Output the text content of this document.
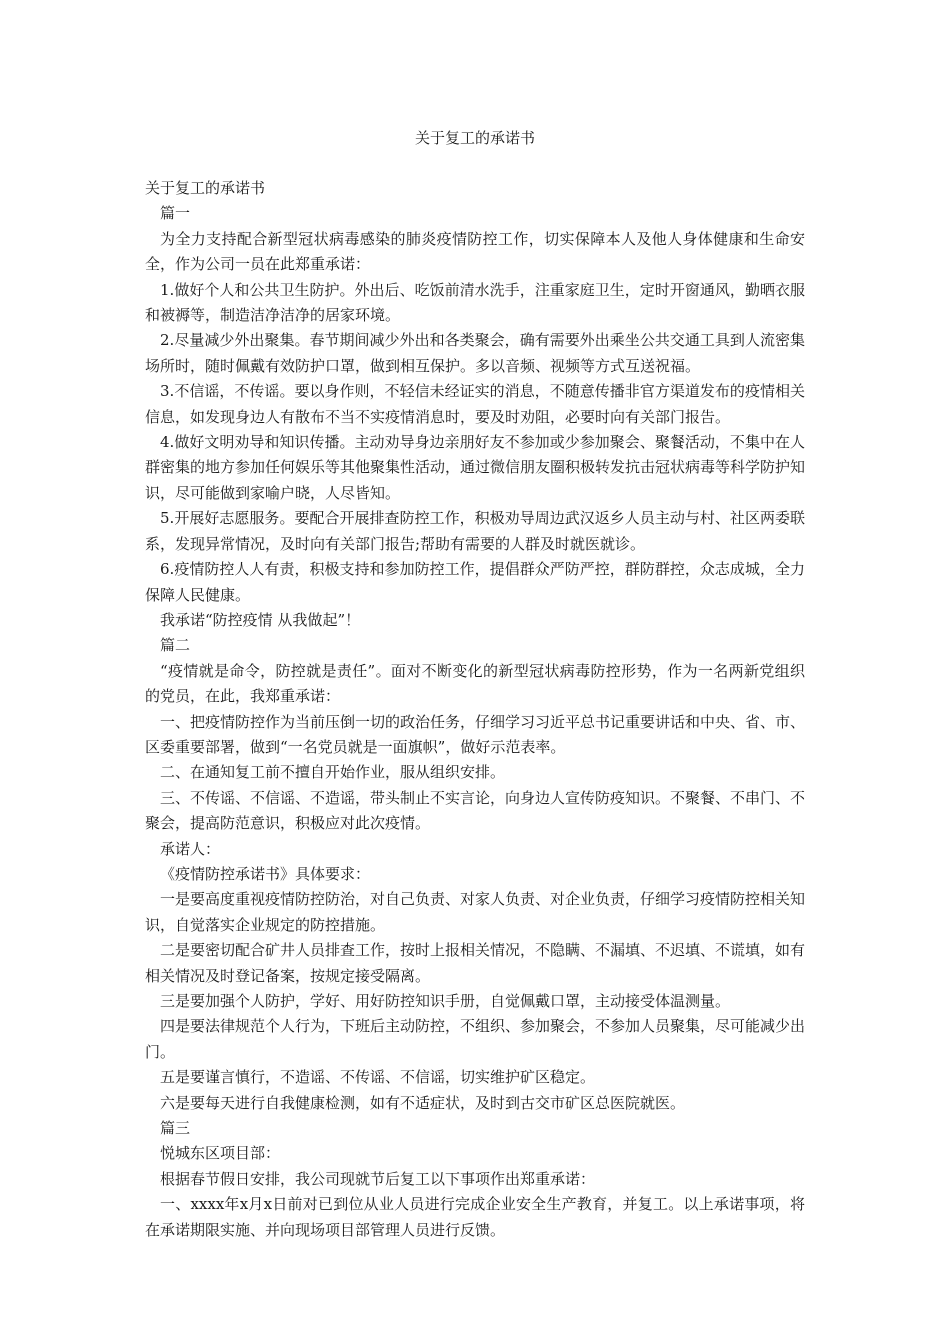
关于复工的承诺书

关于复工的承诺书

篇一

为全力支持配合新型冠状病毒感染的肺炎疫情防控工作，切实保障本人及他人身体健康和生命安全，作为公司一员在此郑重承诺：

1.做好个人和公共卫生防护。外出后、吃饭前清水洗手，注重家庭卫生，定时开窗通风，勤晒衣服和被褥等，制造洁净洁净的居家环境。

2.尽量减少外出聚集。春节期间减少外出和各类聚会，确有需要外出乘坐公共交通工具到人流密集场所时，随时佩戴有效防护口罩，做到相互保护。多以音频、视频等方式互送祝福。

3.不信谣，不传谣。要以身作则，不轻信未经证实的消息，不随意传播非官方渠道发布的疫情相关信息，如发现身边人有散布不当不实疫情消息时，要及时劝阻，必要时向有关部门报告。

4.做好文明劝导和知识传播。主动劝导身边亲朋好友不参加或少参加聚会、聚餐活动，不集中在人群密集的地方参加任何娱乐等其他聚集性活动，通过微信朋友圈积极转发抗击冠状病毒等科学防护知识，尽可能做到家喻户晓，人尽皆知。

5.开展好志愿服务。要配合开展排查防控工作，积极劝导周边武汉返乡人员主动与村、社区两委联系，发现异常情况，及时向有关部门报告;帮助有需要的人群及时就医就诊。

6.疫情防控人人有责，积极支持和参加防控工作，提倡群众严防严控，群防群控，众志成城，全力保障人民健康。

我承诺“防控疫情 从我做起”！

篇二

“疫情就是命令，防控就是责任”。面对不断变化的新型冠状病毒防控形势，作为一名两新党组织的党员，在此，我郑重承诺：

一、把疫情防控作为当前压倒一切的政治任务，仔细学习习近平总书记重要讲话和中央、省、市、区委重要部署，做到“一名党员就是一面旗帜”，做好示范表率。

二、在通知复工前不擅自开始作业，服从组织安排。

三、不传谣、不信谣、不造谣，带头制止不实言论，向身边人宣传防疫知识。不聚餐、不串门、不聚会，提高防范意识，积极应对此次疫情。

承诺人：

《疫情防控承诺书》具体要求：

一是要高度重视疫情防控防治，对自己负责、对家人负责、对企业负责，仔细学习疫情防控相关知识，自觉落实企业规定的防控措施。

二是要密切配合矿井人员排查工作，按时上报相关情况，不隐瞒、不漏填、不迟填、不谎填，如有相关情况及时登记备案，按规定接受隔离。

三是要加强个人防护，学好、用好防控知识手册，自觉佩戴口罩，主动接受体温测量。

四是要法律规范个人行为，下班后主动防控，不组织、参加聚会，不参加人员聚集，尽可能减少出门。

五是要谨言慎行，不造谣、不传谣、不信谣，切实维护矿区稳定。

六是要每天进行自我健康检测，如有不适症状，及时到古交市矿区总医院就医。

篇三

悦城东区项目部：

根据春节假日安排，我公司现就节后复工以下事项作出郑重承诺：

一、xxxx年x月x日前对已到位从业人员进行完成企业安全生产教育，并复工。以上承诺事项，将在承诺期限实施、并向现场项目部管理人员进行反馈。
